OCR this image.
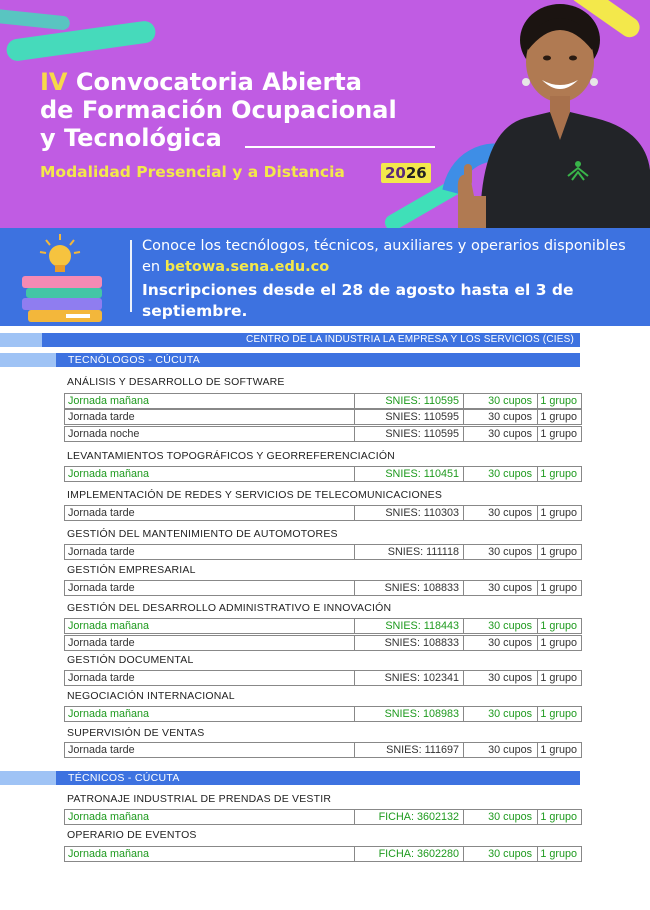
IV Convocatoria Abierta
de Formación Ocupacional
y Tecnológica
Modalidad Presencial y a Distancia	2026
Conoce los tecnólogos, técnicos, auxiliares y operarios disponibles
en betowa.sena.edu.co
Inscripciones desde el 28 de agosto hasta el 3 de septiembre.
CENTRO DE LA INDUSTRIA LA EMPRESA Y LOS SERVICIOS (CIES)
TECNÓLOGOS - CÚCUTA
TÉCNICOS - CÚCUTA
ANÁLISIS Y DESARROLLO DE SOFTWARE
Jornada mañana	SNIES: 110595	30 cupos 1 grupo
Jornada tarde	SNIES: 110595	30 cupos 1 grupo
Jornada noche	SNIES: 110595	30 cupos 1 grupo
LEVANTAMIENTOS TOPOGRÁFICOS Y GEORREFERENCIACIÓN
Jornada mañana	SNIES: 110451	30 cupos 1 grupo
IMPLEMENTACIÓN DE REDES Y SERVICIOS DE TELECOMUNICACIONES
Jornada tarde	SNIES: 110303	30 cupos 1 grupo
GESTIÓN DEL MANTENIMIENTO DE AUTOMOTORES
Jornada tarde	SNIES: 111118	30 cupos 1 grupo
GESTIÓN EMPRESARIAL
Jornada tarde	SNIES: 108833	30 cupos 1 grupo
GESTIÓN DEL DESARROLLO ADMINISTRATIVO E INNOVACIÓN
Jornada mañana	SNIES: 118443	30 cupos 1 grupo
Jornada tarde	SNIES: 108833	30 cupos 1 grupo
GESTIÓN DOCUMENTAL
Jornada tarde	SNIES: 102341	30 cupos 1 grupo
NEGOCIACIÓN INTERNACIONAL
Jornada mañana	SNIES: 108983	30 cupos 1 grupo
SUPERVISIÓN DE VENTAS
Jornada tarde	SNIES: 111697	30 cupos 1 grupo
PATRONAJE INDUSTRIAL DE PRENDAS DE VESTIR
Jornada mañana	FICHA: 3602132	30 cupos 1 grupo
OPERARIO DE EVENTOS
Jornada mañana	FICHA: 3602280	30 cupos 1 grupo
